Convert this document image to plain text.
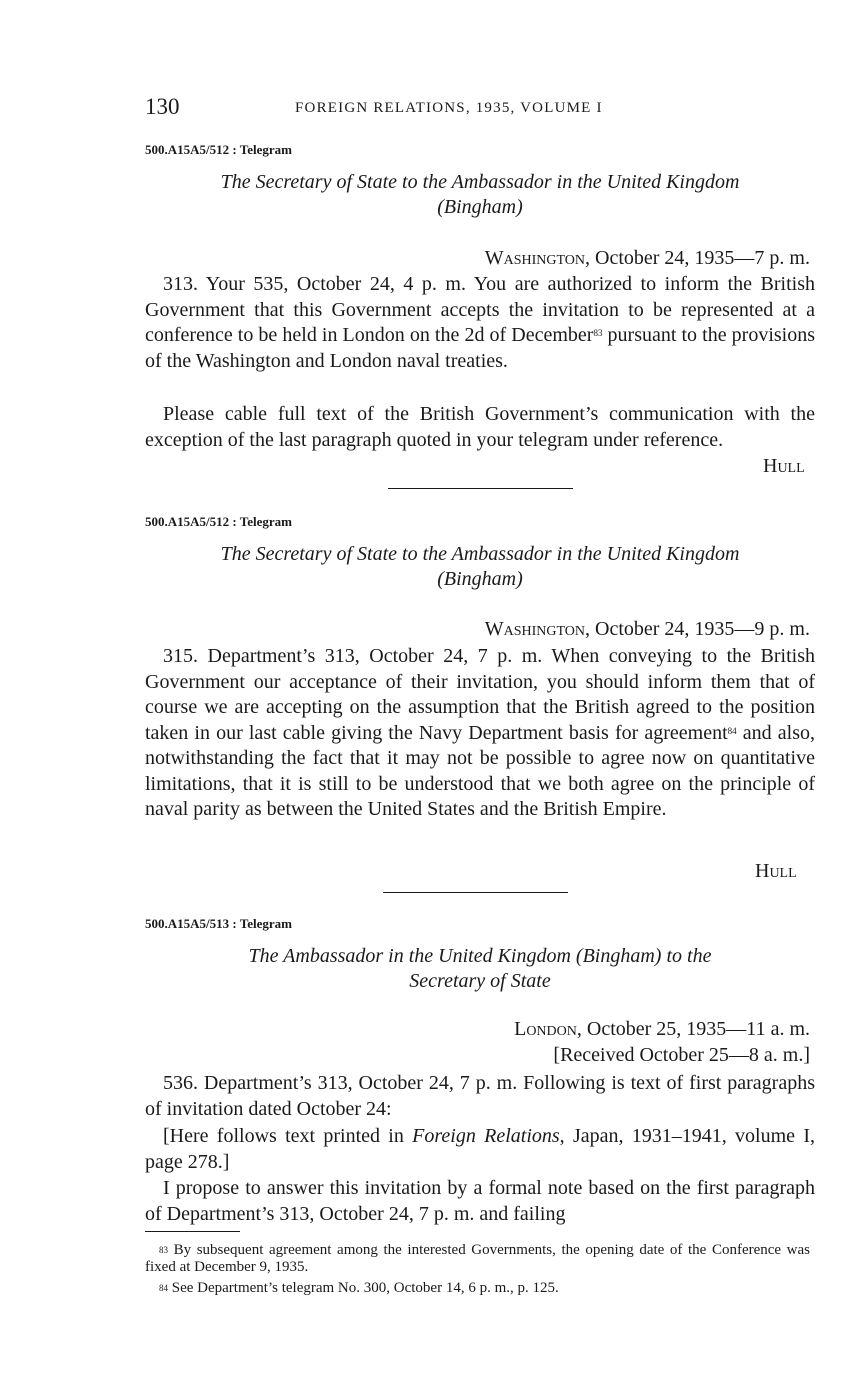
130	FOREIGN RELATIONS, 1935, VOLUME I
500.A15A5/512 : Telegram
The Secretary of State to the Ambassador in the United Kingdom
(Bingham)
Washington, October 24, 1935—7 p. m.
313. Your 535, October 24, 4 p. m. You are authorized to inform the British Government that this Government accepts the invitation to be represented at a conference to be held in London on the 2d of December$^{83}$ pursuant to the provisions of the Washington and London naval treaties.
Please cable full text of the British Government’s communication with the exception of the last paragraph quoted in your telegram under reference.
Hull
500.A15A5/512 : Telegram
The Secretary of State to the Ambassador in the United Kingdom
(Bingham)
Washington, October 24, 1935—9 p. m.
315. Department’s 313, October 24, 7 p. m. When conveying to the British Government our acceptance of their invitation, you should inform them that of course we are accepting on the assumption that the British agreed to the position taken in our last cable giving the Navy Department basis for agreement$^{84}$ and also, notwithstanding the fact that it may not be possible to agree now on quantitative limitations, that it is still to be understood that we both agree on the principle of naval parity as between the United States and the British Empire.
Hull
500.A15A5/513 : Telegram
The Ambassador in the United Kingdom (Bingham) to the
Secretary of State
London, October 25, 1935—11 a. m.
[Received October 25—8 a. m.]
536. Department’s 313, October 24, 7 p. m. Following is text of first paragraphs of invitation dated October 24:
[Here follows text printed in Foreign Relations, Japan, 1931–1941, volume I, page 278.]
I propose to answer this invitation by a formal note based on the first paragraph of Department’s 313, October 24, 7 p. m. and failing
$^{83}$ By subsequent agreement among the interested Governments, the opening date of the Conference was fixed at December 9, 1935.
$^{84}$ See Department’s telegram No. 300, October 14, 6 p. m., p. 125.
